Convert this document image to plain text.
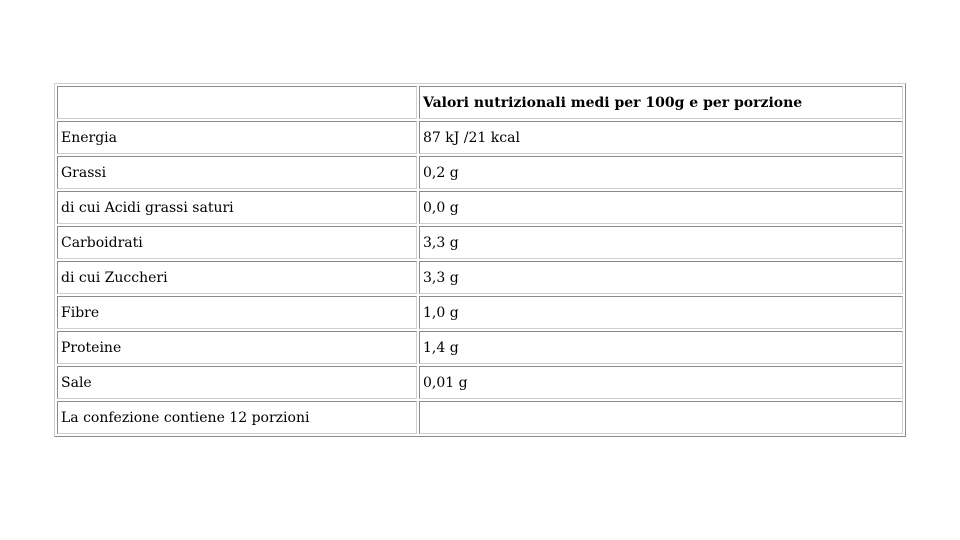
	Valori nutrizionali medi per 100g e per porzione
Energia	87 kJ /21 kcal
Grassi	0,2 g
di cui Acidi grassi saturi	0,0 g
Carboidrati	3,3 g
di cui Zuccheri	3,3 g
Fibre	1,0 g
Proteine	1,4 g
Sale	0,01 g
La confezione contiene 12 porzioni	
